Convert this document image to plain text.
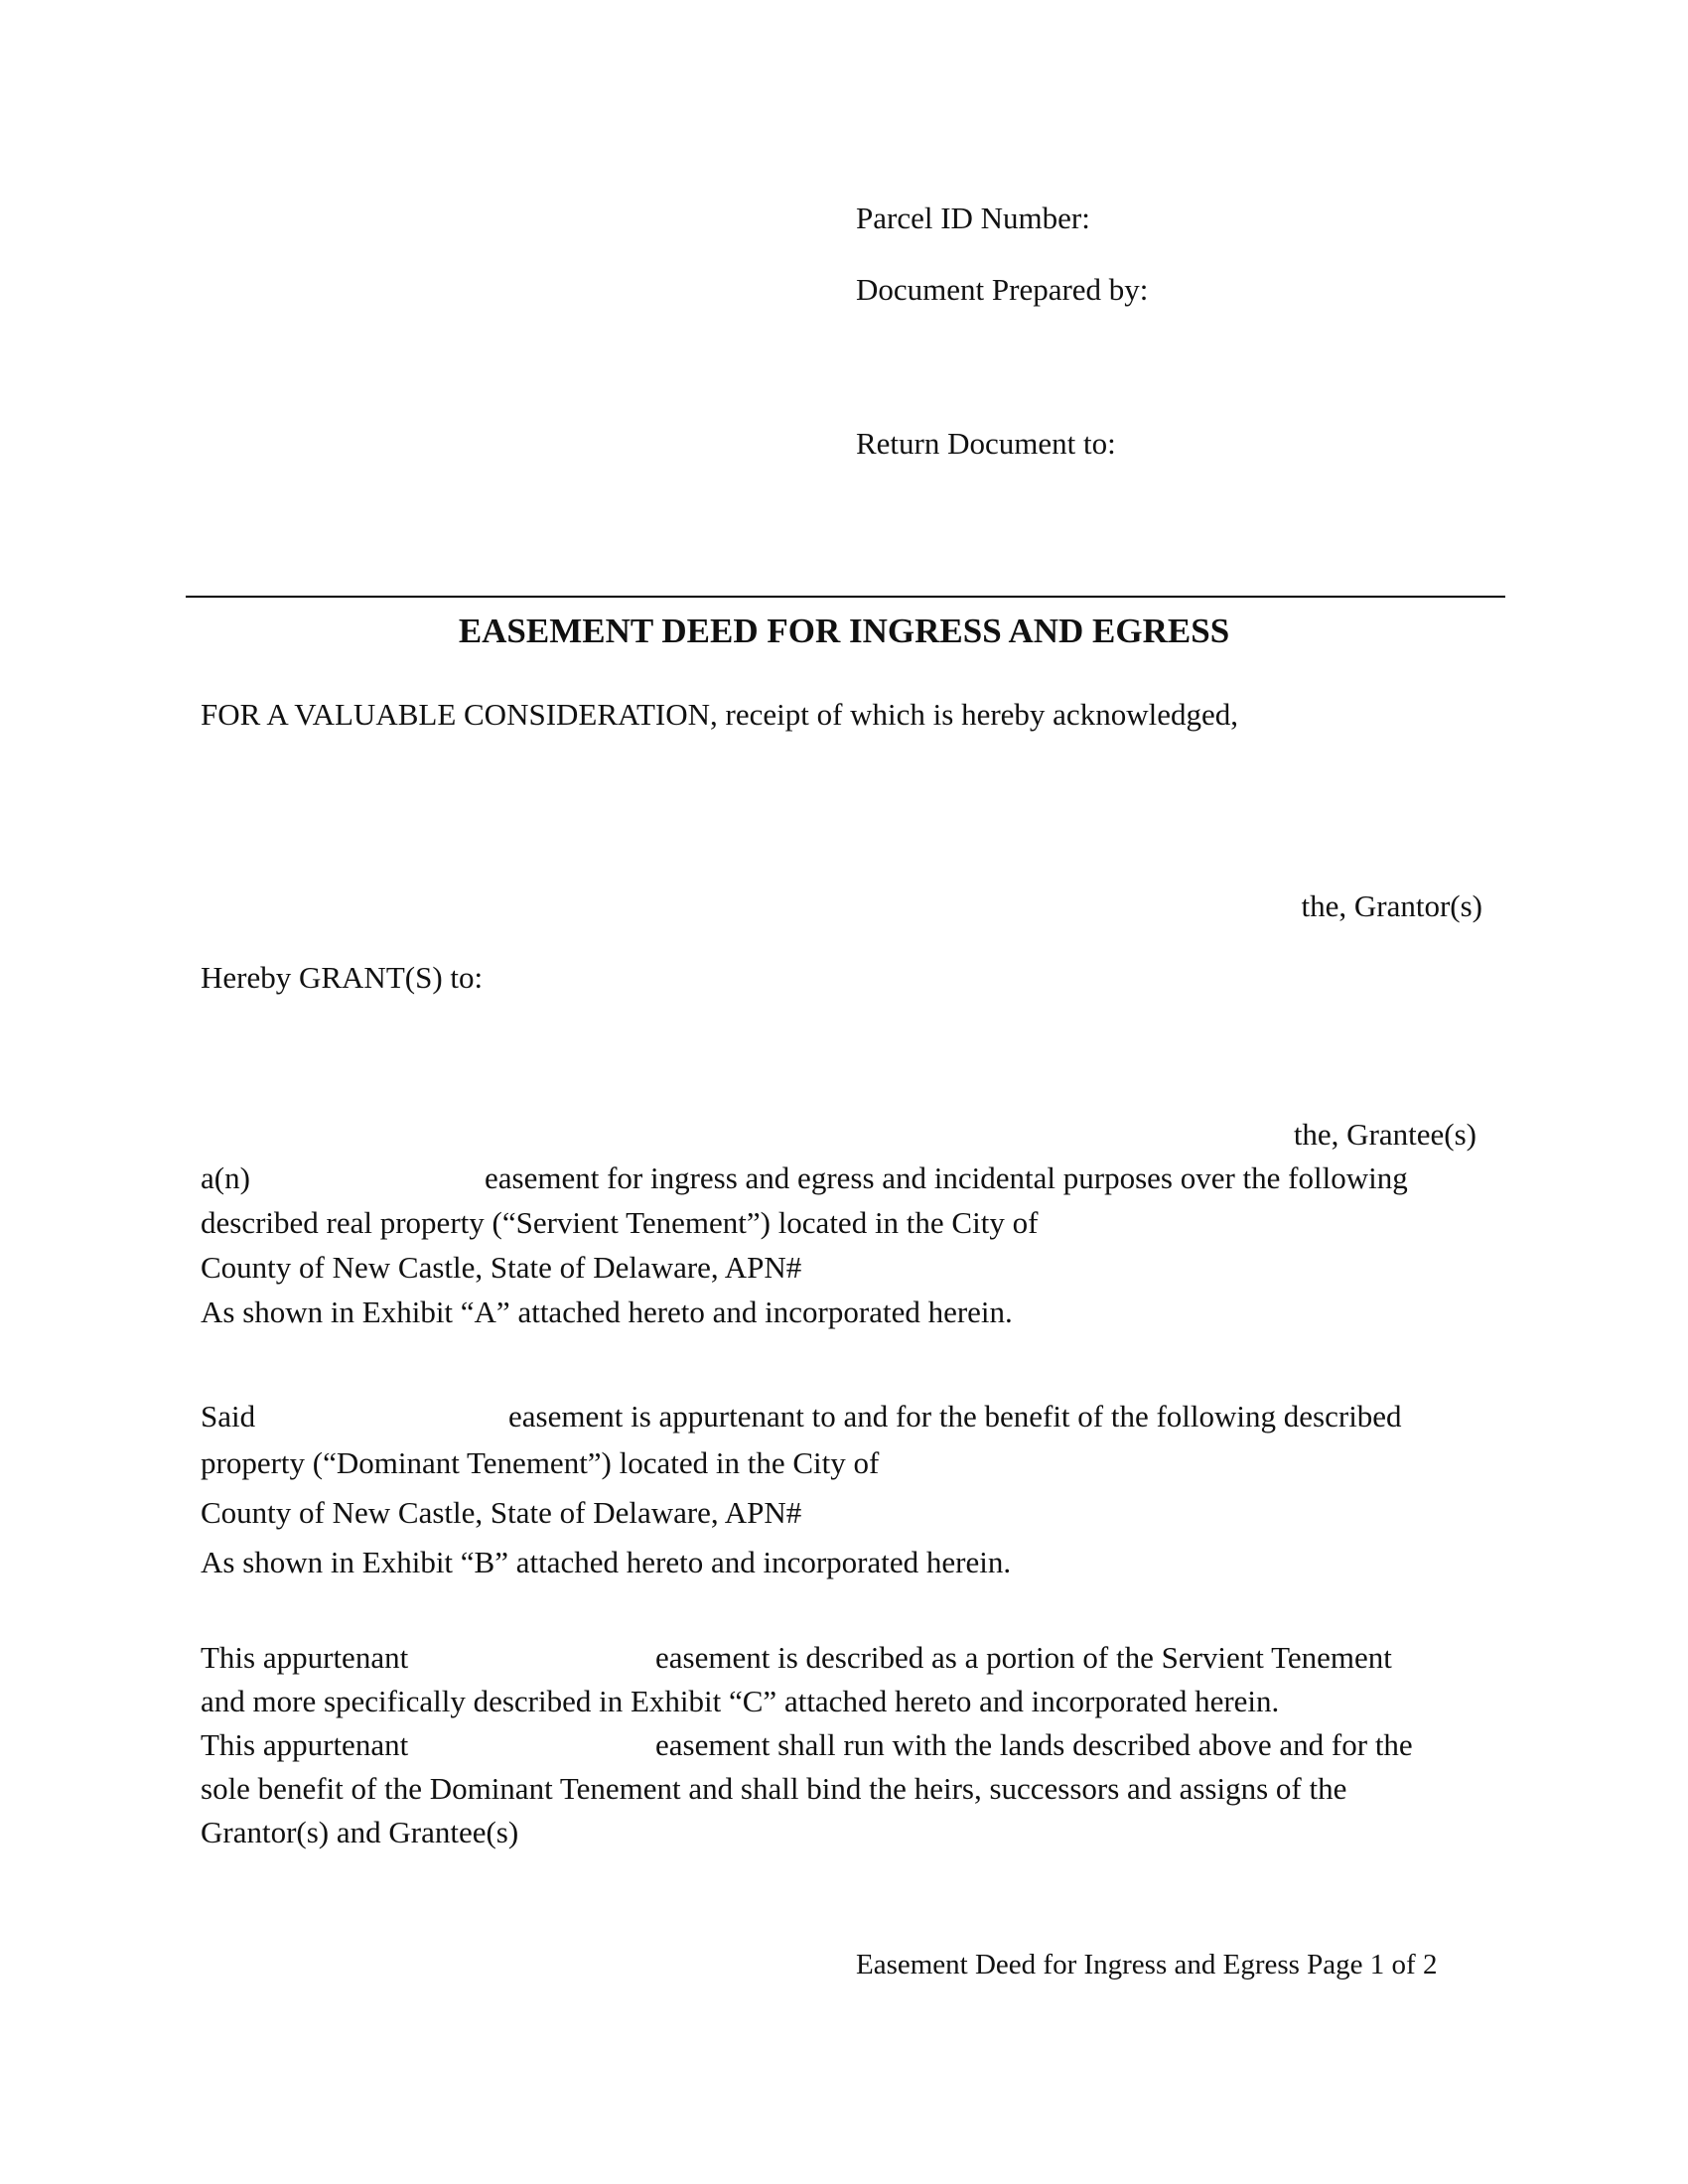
Parcel ID Number:
Document Prepared by:
Return Document to:
EASEMENT DEED FOR INGRESS AND EGRESS
FOR A VALUABLE CONSIDERATION, receipt of which is hereby acknowledged,
the, Grantor(s)
Hereby GRANT(S) to:
the, Grantee(s)
a(n)	easement for ingress and egress and incidental purposes over the following
described real property (“Servient Tenement”) located in the City of
County of New Castle, State of Delaware, APN#
As shown in Exhibit “A” attached hereto and incorporated herein.
Said	easement is appurtenant to and for the benefit of the following described
property (“Dominant Tenement”) located in the City of
County of New Castle, State of Delaware, APN#
As shown in Exhibit “B” attached hereto and incorporated herein.
This appurtenant	easement is described as a portion of the Servient Tenement
and more specifically described in Exhibit “C” attached hereto and incorporated herein.
This appurtenant	easement shall run with the lands described above and for the
sole benefit of the Dominant Tenement and shall bind the heirs, successors and assigns of the
Grantor(s) and Grantee(s)
Easement Deed for Ingress and Egress Page 1 of 2
